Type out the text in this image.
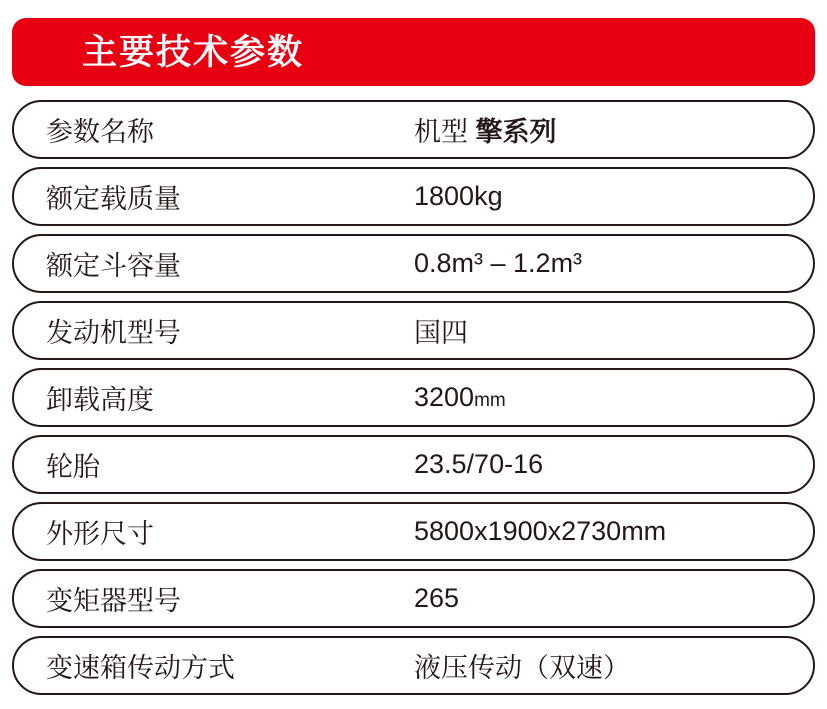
主要技术参数
参数名称	机型 擎系列
额定载质量	1800kg
额定斗容量	0.8m³ – 1.2m³
发动机型号	国四
卸载高度	3200mm
轮胎	23.5/70-16
外形尺寸	5800x1900x2730mm
变矩器型号	265
变速箱传动方式	液压传动（双速）
